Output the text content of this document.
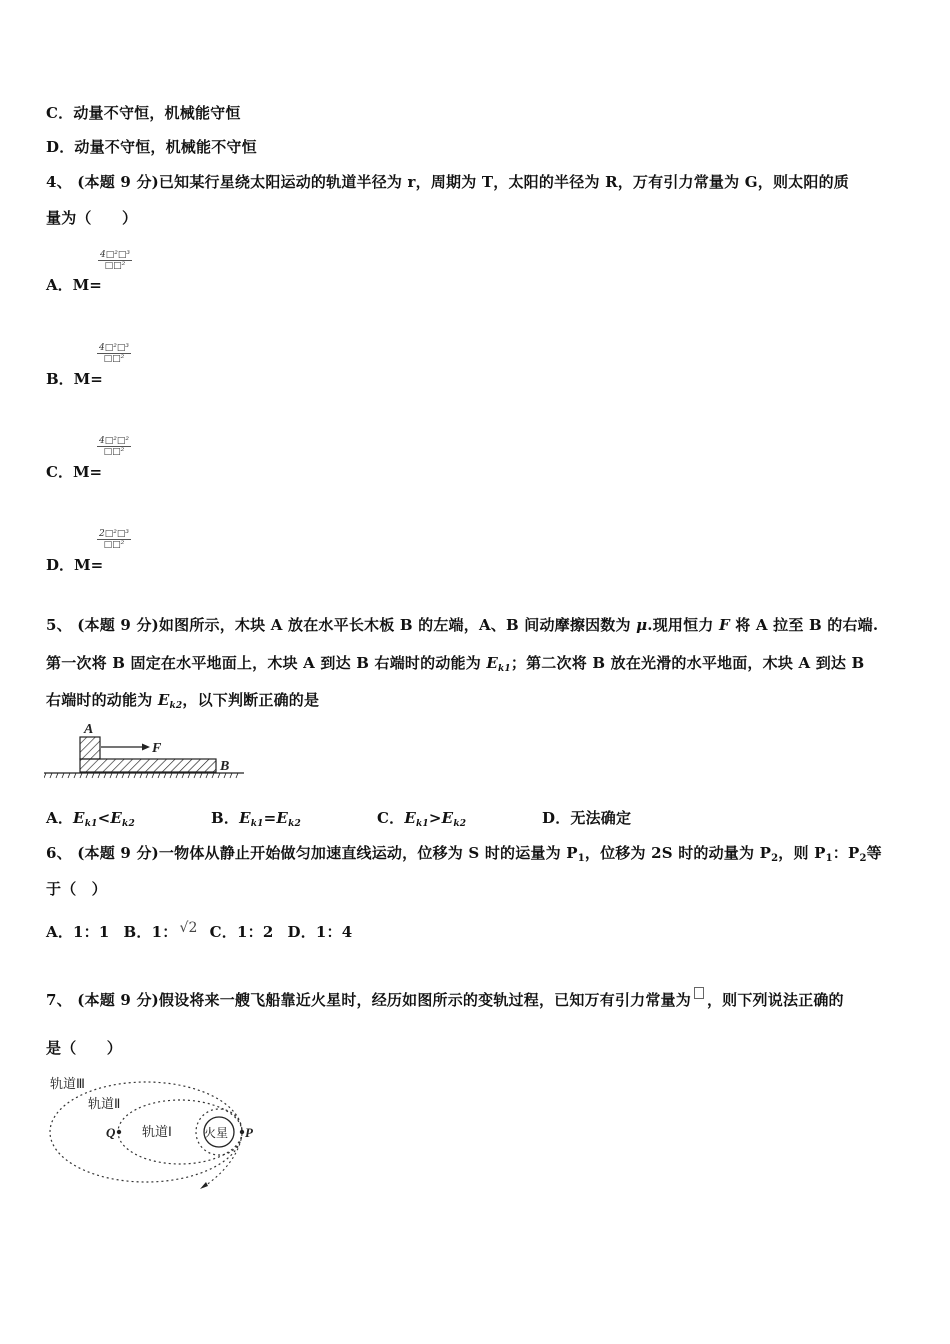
C．动量不守恒，机械能守恒
D．动量不守恒，机械能不守恒
4、 (本题 9 分)已知某行星绕太阳运动的轨道半径为 r，周期为 T，太阳的半径为 R，万有引力常量为 G，则太阳的质
量为（　　）
A．M=
4□²□³
□□²
B．M=
4□²□³
□□²
C．M=
4□²□²
□□²
D．M=
2□²□³
□□²
5、 (本题 9 分)如图所示，木块 A 放在水平长木板 B 的左端，A、B 间动摩擦因数为 μ.现用恒力 F 将 A 拉至 B 的右端.
第一次将 B 固定在水平地面上，木块 A 到达 B 右端时的动能为 $E_{k1}$；第二次将 B 放在光滑的水平地面，木块 A 到达 B
右端时的动能为 $E_{k2}$，以下判断正确的是
A
F
B
A．$E_{k1}<E_{k2}$	B．$E_{k1}=E_{k2}$	C．$E_{k1}>E_{k2}$	D．无法确定
6、 (本题 9 分)一物体从静止开始做匀加速直线运动，位移为 S 时的运量为 $P_1$，位移为 2S 时的动量为 $P_2$，则 $P_1$：$P_2$等
于（　）
A．1：1 B．1： √2 C．1：2 D．1：4
7、 (本题 9 分)假设将来一艘飞船靠近火星时，经历如图所示的变轨过程，已知万有引力常量为 ，则下列说法正确的
是（　　）
轨道Ⅲ
轨道Ⅱ
轨道Ⅰ	火星
Q	P
